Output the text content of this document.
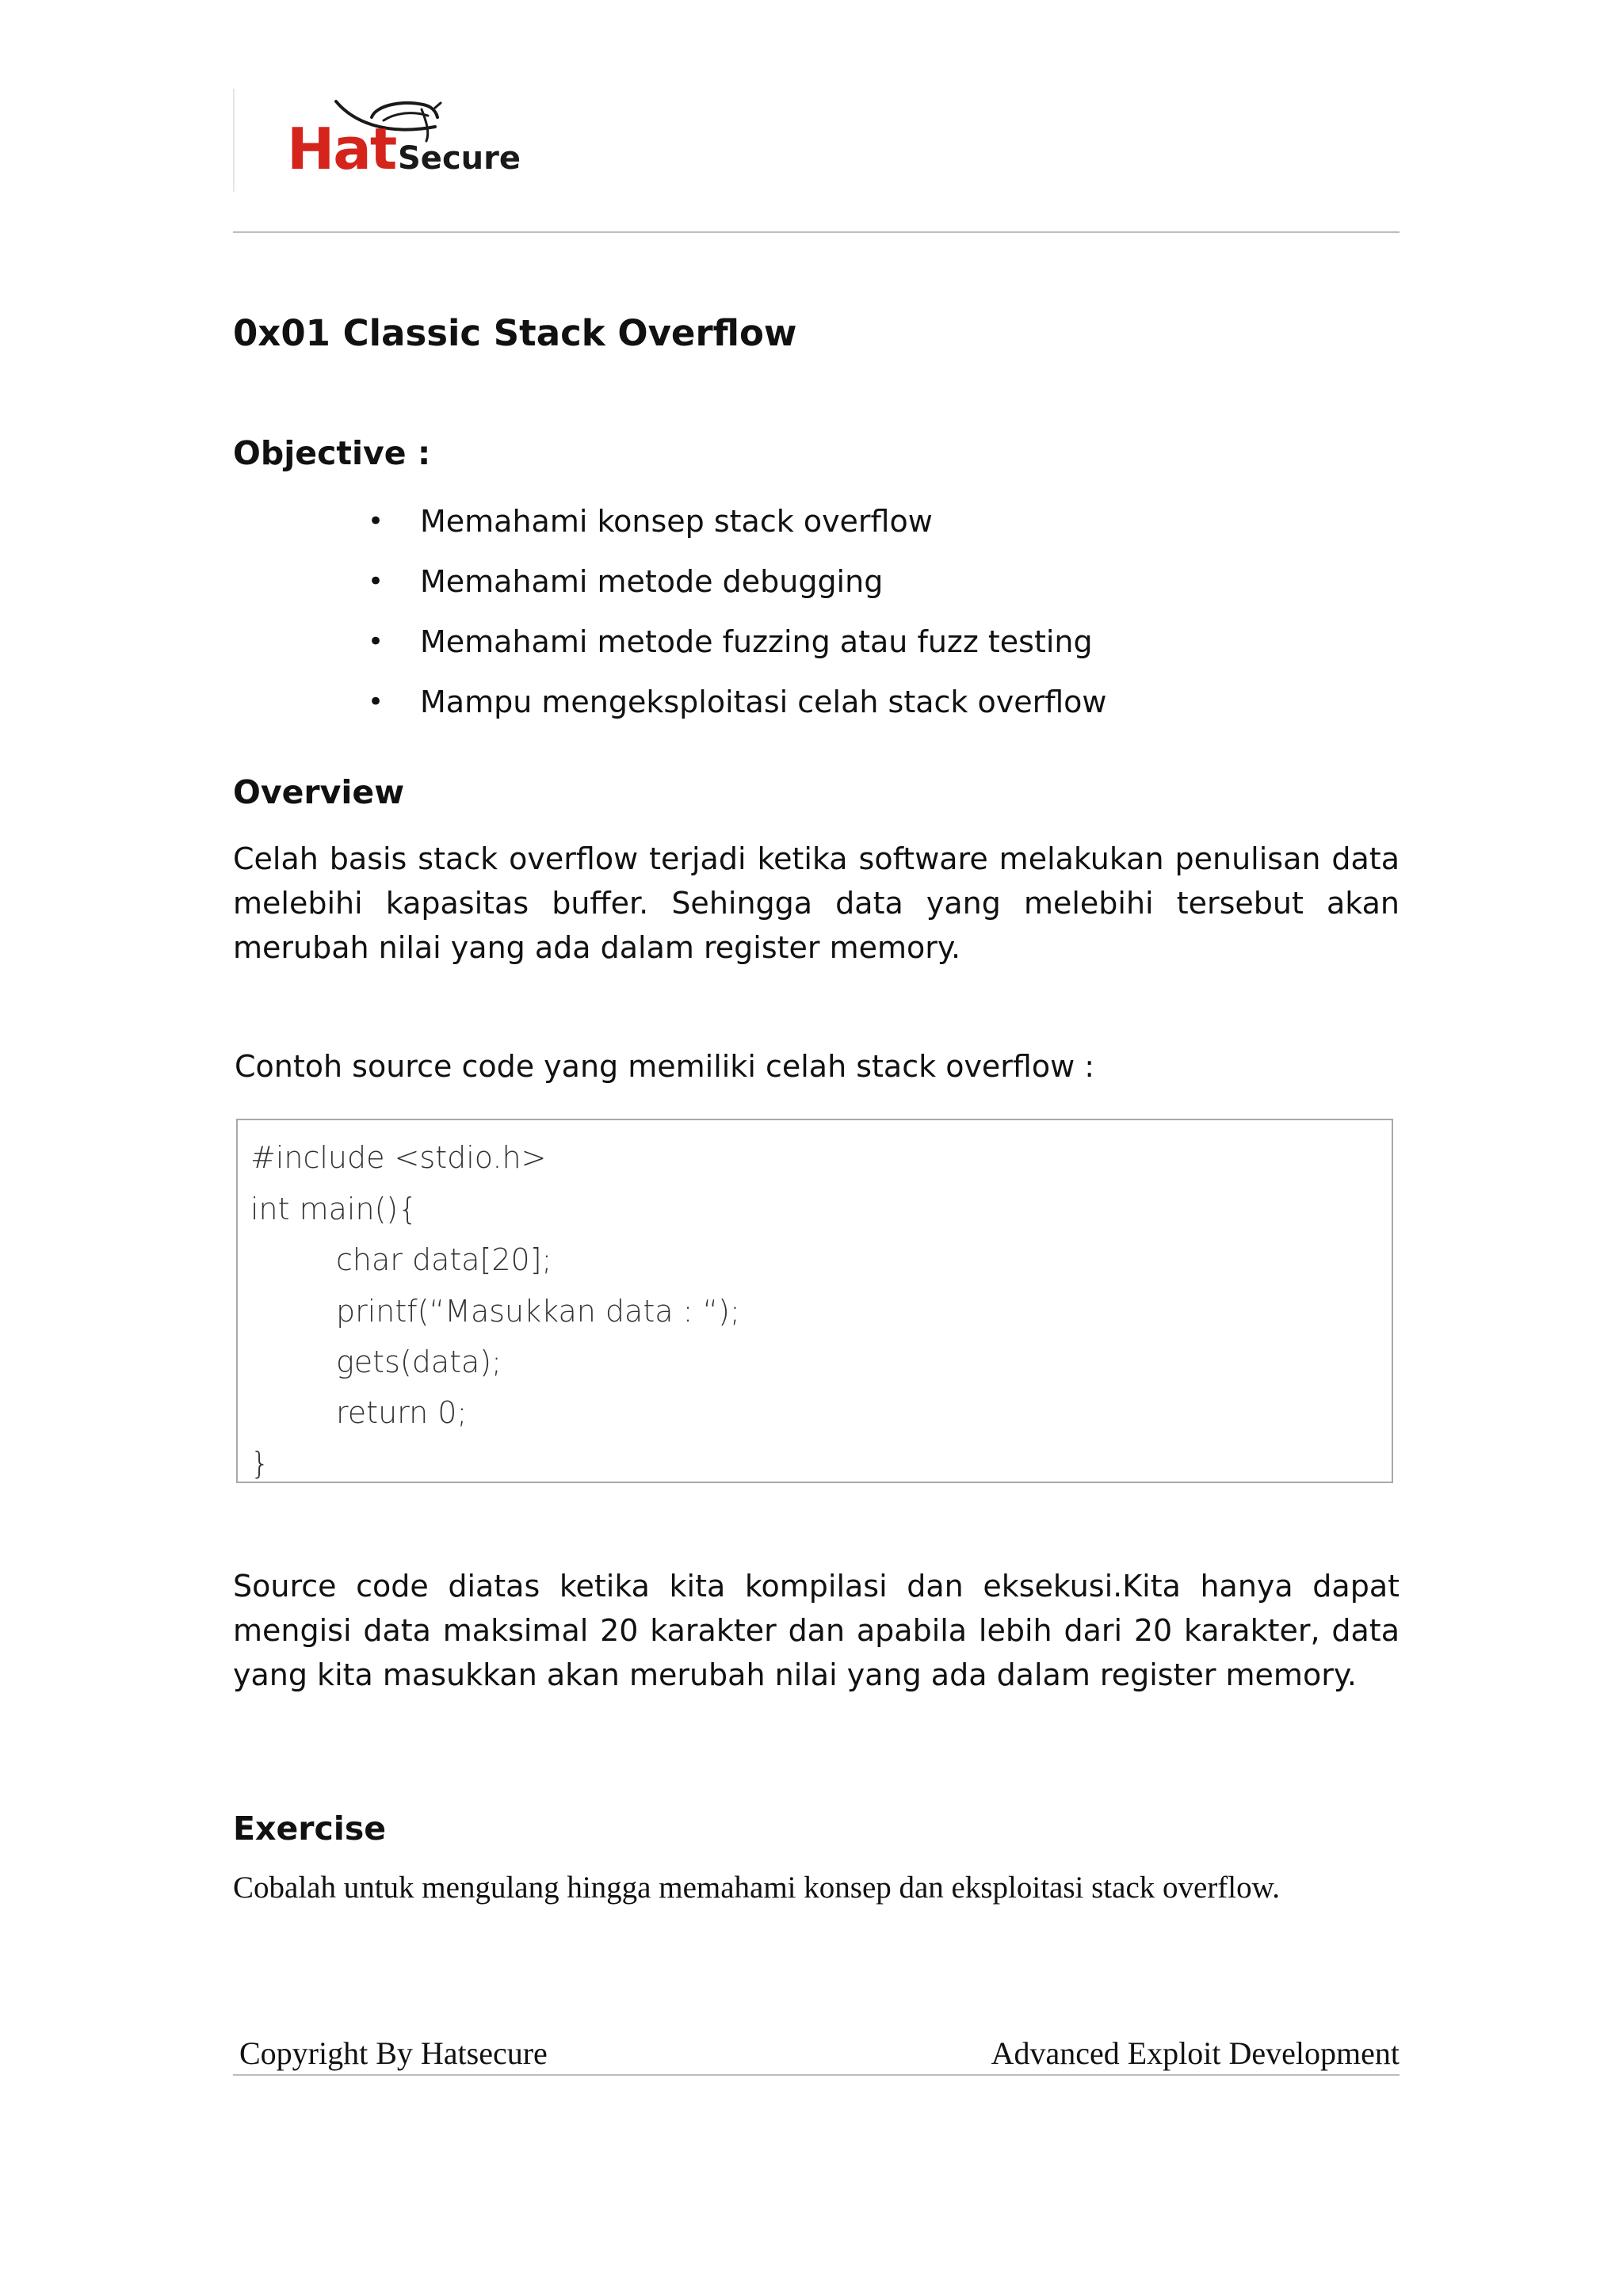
Hat Secure
0x01 Classic Stack Overflow
Objective :
• Memahami konsep stack overflow
• Memahami metode debugging
• Memahami metode fuzzing atau fuzz testing
• Mampu mengeksploitasi celah stack overflow
Overview
Celah basis stack overflow terjadi ketika software melakukan penulisan data melebihi kapasitas buffer. Sehingga data yang melebihi tersebut akan merubah nilai yang ada dalam register memory.
Contoh source code yang memiliki celah stack overflow :
#include <stdio.h>
int main(){
char data[20];
printf(“Masukkan data : “);
gets(data);
return 0;
}
Source code diatas ketika kita kompilasi dan eksekusi.Kita hanya dapat mengisi data maksimal 20 karakter dan apabila lebih dari 20 karakter, data yang kita masukkan akan merubah nilai yang ada dalam register memory.
Exercise
Cobalah untuk mengulang hingga memahami konsep dan eksploitasi stack overflow.
Copyright By Hatsecure	Advanced Exploit Development
